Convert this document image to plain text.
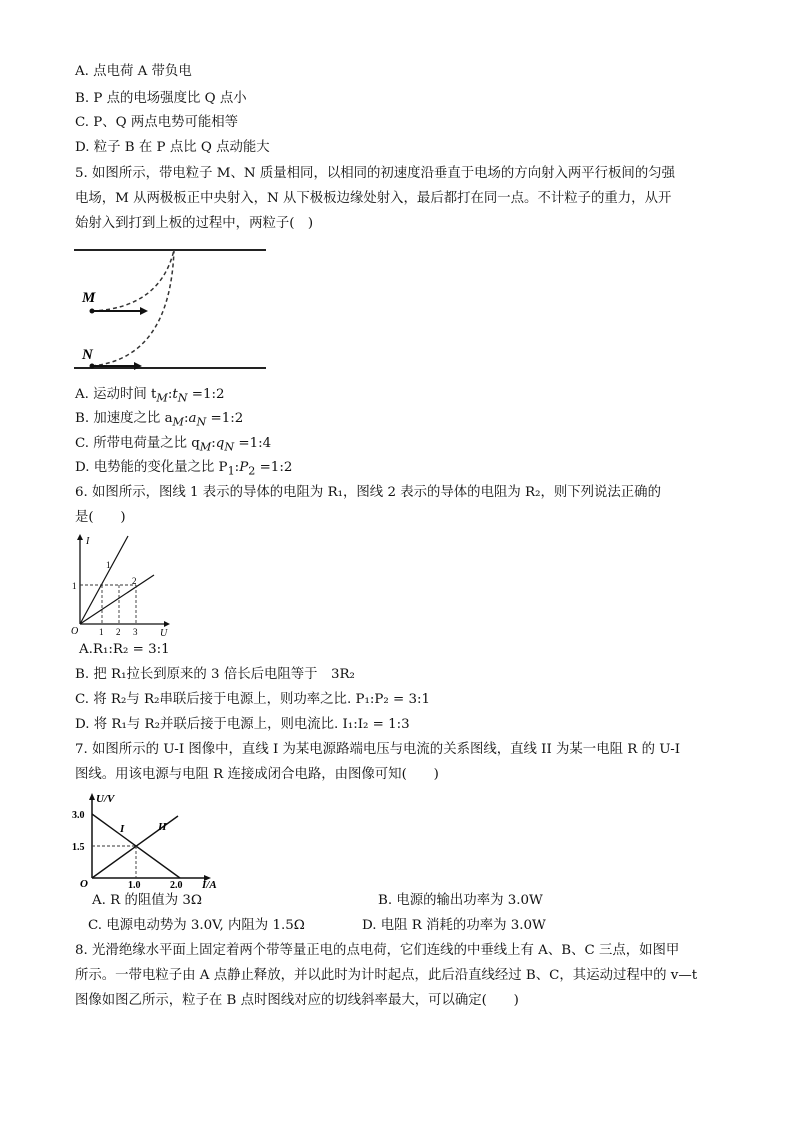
A. 点电荷 A 带负电
B. P 点的电场强度比 Q 点小
C. P、Q 两点电势可能相等
D. 粒子 B 在 P 点比 Q 点动能大
5. 如图所示，带电粒子 M、N 质量相同，以相同的初速度沿垂直于电场的方向射入两平行板间的匀强
电场，M 从两极板正中央射入，N 从下极板边缘处射入，最后都打在同一点。不计粒子的重力，从开
始射入到打到上板的过程中，两粒子(　)
M
N
A. 运动时间 $t_M:t_N$ =1:2
B. 加速度之比 $a_M:a_N$ =1:2
C. 所带电荷量之比 $q_M:q_N$ =1:4
D. 电势能的变化量之比 $P_1:P_2$ =1:2
6. 如图所示，图线 1 表示的导体的电阻为 R₁，图线 2 表示的导体的电阻为 R₂，则下列说法正确的
是(　　)
I
U
O
1
1 2 3
1
2
A.R₁:R₂ = 3:1
B. 把 R₁拉长到原来的 3 倍长后电阻等于　3R₂
C. 将 R₂与 R₂串联后接于电源上，则功率之比. P₁:P₂ = 3:1
D. 将 R₁与 R₂并联后接于电源上，则电流比. I₁:I₂ = 1:3
7. 如图所示的 U-I 图像中，直线 I 为某电源路端电压与电流的关系图线，直线 II 为某一电阻 R 的 U-I
图线。用该电源与电阻 R 连接成闭合电路，由图像可知(　　)
U/V
I/A
O
3.0
1.5
1.0	2.0
I	II
A. R 的阻值为 3Ω	B. 电源的输出功率为 3.0W
C. 电源电动势为 3.0V, 内阻为 1.5Ω	D. 电阻 R 消耗的功率为 3.0W
8. 光滑绝缘水平面上固定着两个带等量正电的点电荷，它们连线的中垂线上有 A、B、C 三点，如图甲
所示。一带电粒子由 A 点静止释放，并以此时为计时起点，此后沿直线经过 B、C，其运动过程中的 v—t
图像如图乙所示，粒子在 B 点时图线对应的切线斜率最大，可以确定(　　)
